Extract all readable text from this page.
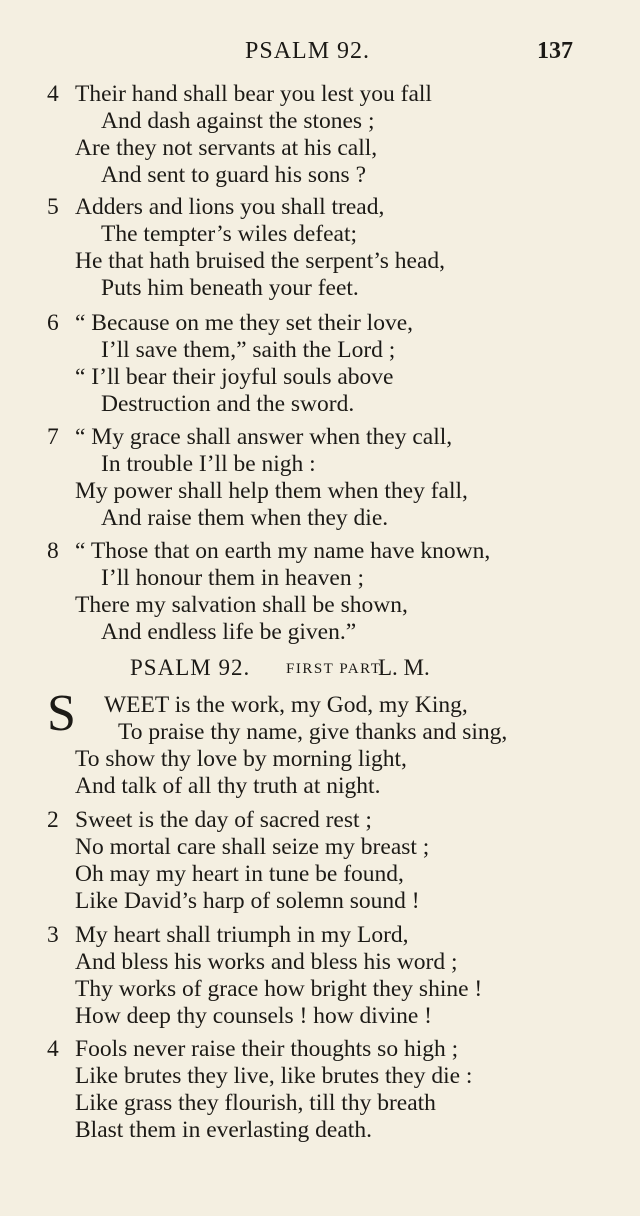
PSALM 92.	137
4 Their hand shall bear you lest you fall
And dash against the stones ;
Are they not servants at his call,
And sent to guard his sons ?
5 Adders and lions you shall tread,
The tempter’s wiles defeat;
He that hath bruised the serpent’s head,
Puts him beneath your feet.
6 “ Because on me they set their love,
I’ll save them,” saith the Lord ;
“ I’ll bear their joyful souls above
Destruction and the sword.
7 “ My grace shall answer when they call,
In trouble I’ll be nigh :
My power shall help them when they fall,
And raise them when they die.
8 “ Those that on earth my name have known,
I’ll honour them in heaven ;
There my salvation shall be shown,
And endless life be given.”
PSALM 92. FIRST PART.
L. M.
S WEET is the work, my God, my King,
To praise thy name, give thanks and sing,
To show thy love by morning light,
And talk of all thy truth at night.
2 Sweet is the day of sacred rest ;
No mortal care shall seize my breast ;
Oh may my heart in tune be found,
Like David’s harp of solemn sound !
3 My heart shall triumph in my Lord,
And bless his works and bless his word ;
Thy works of grace how bright they shine !
How deep thy counsels ! how divine !
4 Fools never raise their thoughts so high ;
Like brutes they live, like brutes they die :
Like grass they flourish, till thy breath
Blast them in everlasting death.
